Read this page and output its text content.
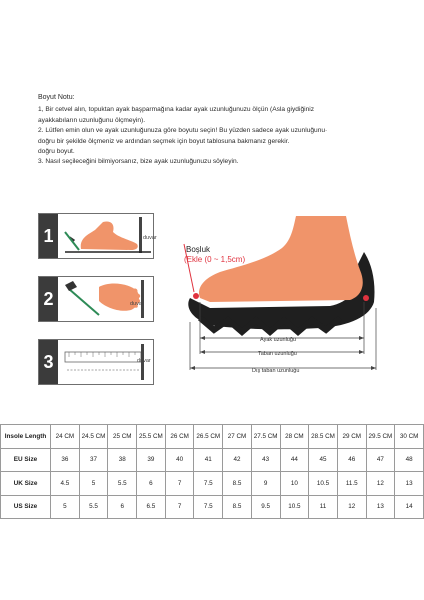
Boyut Notu:

1, Bir cetvel alın, topuktan ayak başparmağına kadar ayak uzunluğunuzu ölçün (Asla giydiğiniz

ayakkabıların uzunluğunu ölçmeyin).

2. Lütfen emin olun ve ayak uzunluğunuza göre boyutu seçin! Bu yüzden sadece ayak uzunluğunu·

doğru bir şekilde ölçmeniz ve ardından seçmek için boyut tablosuna bakmanız gerekir.

doğru boyut.

3. Nasıl seçileceğini bilmiyorsanız, bize ayak uzunluğunuzu söyleyin.

1	duvar
2	duvar
3	duvar
Boşluk
(Ekle (0 ~ 1,5cm)
Ayak uzunluğu
Taban uzunluğu
Dış taban uzunluğu
Insole Length	24 CM	24.5 CM	25 CM	25.5 CM	26 CM	26.5 CM	27 CM	27.5 CM	28 CM	28.5 CM	29 CM	29.5 CM	30 CM
EU Size	36	37	38	39	40	41	42	43	44	45	46	47	48
UK Size	4.5	5	5.5	6	7	7.5	8.5	9	10	10.5	11.5	12	13
US Size	5	5.5	6	6.5	7	7.5	8.5	9.5	10.5	11	12	13	14
